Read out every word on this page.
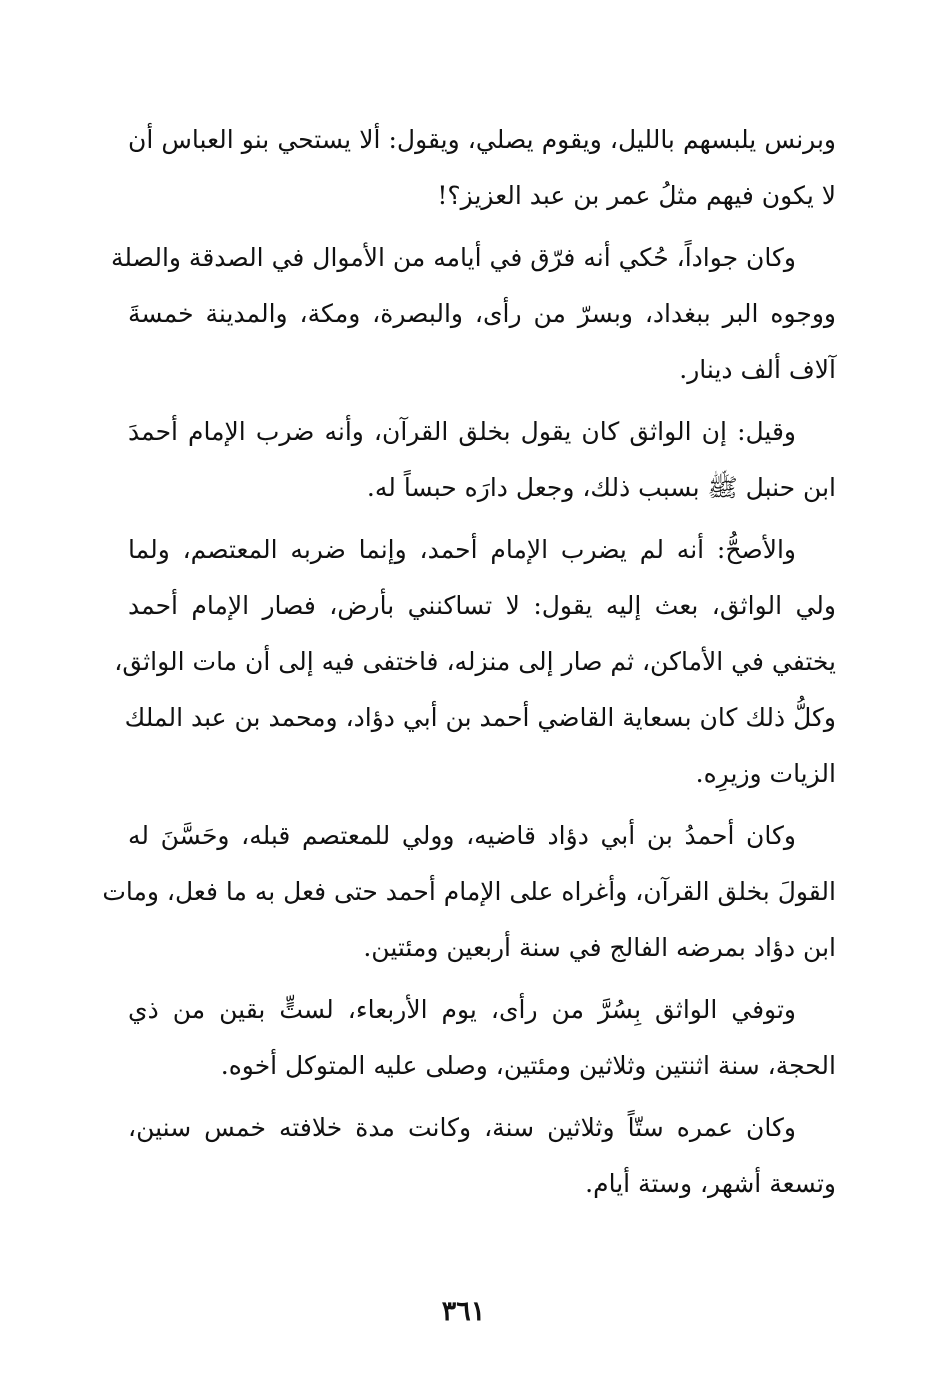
وبرنس يلبسهم بالليل، ويقوم يصلي، ويقول: ألا يستحي بنو العباس أن
لا يكون فيهم مثلُ عمر بن عبد العزيز؟!
وكان جواداً، حُكي أنه فرّق في أيامه من الأموال في الصدقة والصلة
ووجوه البر ببغداد، وبسرّ من رأى، والبصرة، ومكة، والمدينة خمسةَ
آلاف ألف دينار.
وقيل: إن الواثق كان يقول بخلق القرآن، وأنه ضرب الإمام أحمدَ
ابن حنبل ﷺ بسبب ذلك، وجعل دارَه حبساً له.
والأصحُّ: أنه لم يضرب الإمام أحمد، وإنما ضربه المعتصم، ولما
ولي الواثق، بعث إليه يقول: لا تساكنني بأرض، فصار الإمام أحمد
يختفي في الأماكن، ثم صار إلى منزله، فاختفى فيه إلى أن مات الواثق،
وكلُّ ذلك كان بسعاية القاضي أحمد بن أبي دؤاد، ومحمد بن عبد الملك
الزيات وزيرِه.
وكان أحمدُ بن أبي دؤاد قاضيه، وولي للمعتصم قبله، وحَسَّنَ له
القولَ بخلق القرآن، وأغراه على الإمام أحمد حتى فعل به ما فعل، ومات
ابن دؤاد بمرضه الفالج في سنة أربعين ومئتين.
وتوفي الواثق بِسُرَّ من رأى، يوم الأربعاء، لستٍّ بقين من ذي
الحجة، سنة اثنتين وثلاثين ومئتين، وصلى عليه المتوكل أخوه.
وكان عمره ستّاً وثلاثين سنة، وكانت مدة خلافته خمس سنين،
وتسعة أشهر، وستة أيام.
٣٦١
